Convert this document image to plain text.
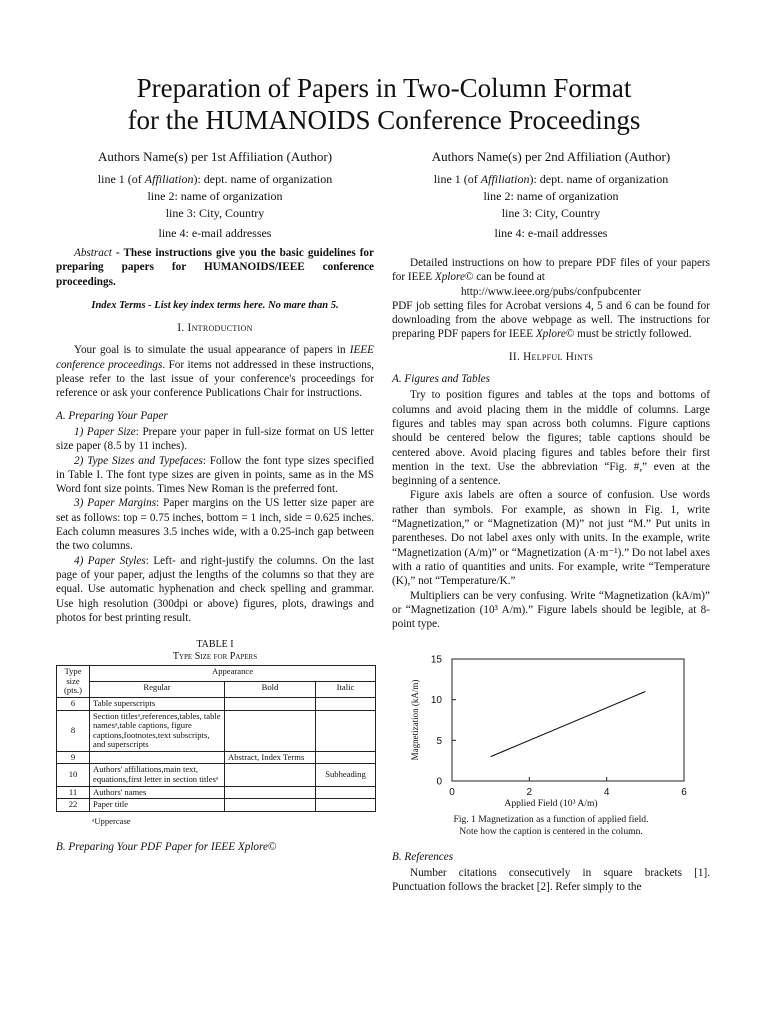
Preparation of Papers in Two-Column Format
for the HUMANOIDS Conference Proceedings
Authors Name(s) per 1st Affiliation (Author)
line 1 (of Affiliation): dept. name of organization
line 2: name of organization
line 3: City, Country
line 4: e-mail addresses
Authors Name(s) per 2nd Affiliation (Author)
line 1 (of Affiliation): dept. name of organization
line 2: name of organization
line 3: City, Country
line 4: e-mail addresses

Abstract - These instructions give you the basic guidelines for preparing papers for HUMANOIDS/IEEE conference proceedings.

Index Terms - List key index terms here. No mare than 5.
I. Introduction

Your goal is to simulate the usual appearance of papers in IEEE conference proceedings. For items not addressed in these instructions, please refer to the last issue of your conference's proceedings for reference or ask your conference Publications Chair for instructions.

A. Preparing Your Paper

1) Paper Size: Prepare your paper in full-size format on US letter size paper (8.5 by 11 inches).

2) Type Sizes and Typefaces: Follow the font type sizes specified in Table I. The font type sizes are given in points, same as in the MS Word font size points. Times New Roman is the preferred font.

3) Paper Margins: Paper margins on the US letter size paper are set as follows: top = 0.75 inches, bottom = 1 inch, side = 0.625 inches. Each column measures 3.5 inches wide, with a 0.25-inch gap between the two columns.

4) Paper Styles: Left- and right-justify the columns. On the last page of your paper, adjust the lengths of the columns so that they are equal. Use automatic hyphenation and check spelling and grammar. Use high resolution (300dpi or above) figures, plots, drawings and photos for best printing result.

TABLE I
Type Size for Papers
Type size (pts.)	Appearance		
	Regular	Bold	Italic
6	Table superscripts		
8	Section titlesᵃ,references,tables, table namesᵃ,table captions, figure captions,footnotes,text subscripts, and superscripts		
9		Abstract, Index Terms	
10	Authors' affiliations,main text, equations,first letter in section titlesᵃ		Subheading
11	Authors' names		
22	Paper title		
ᵃUppercase
B. Preparing Your PDF Paper for IEEE Xplore©

Detailed instructions on how to prepare PDF files of your papers for IEEE Xplore© can be found at

http://www.ieee.org/pubs/confpubcenter

PDF job setting files for Acrobat versions 4, 5 and 6 can be found for downloading from the above webpage as well. The instructions for preparing PDF papers for IEEE Xplore© must be strictly followed.

II. Helpful Hints
A. Figures and Tables

Try to position figures and tables at the tops and bottoms of columns and avoid placing them in the middle of columns. Large figures and tables may span across both columns. Figure captions should be centered below the figures; table captions should be centered above. Avoid placing figures and tables before their first mention in the text. Use the abbreviation “Fig. #,” even at the beginning of a sentence.

Figure axis labels are often a source of confusion. Use words rather than symbols. For example, as shown in Fig. 1, write “Magnetization,” or “Magnetization (M)” not just “M.” Put units in parentheses. Do not label axes only with units. In the example, write “Magnetization (A/m)” or “Magnetization (A·m⁻¹).” Do not label axes with a ratio of quantities and units. For example, write “Temperature (K),” not “Temperature/K.”

Multipliers can be very confusing. Write “Magnetization (kA/m)” or “Magnetization (10³ A/m).” Figure labels should be legible, at 8-point type.

Magnetization (kA/m)
0
5
10
15
0	2	4	6
Applied Field (10³ A/m)
Fig. 1 Magnetization as a function of applied field.
Note how the caption is centered in the column.
B. References

Number citations consecutively in square brackets [1]. Punctuation follows the bracket [2]. Refer simply to the
